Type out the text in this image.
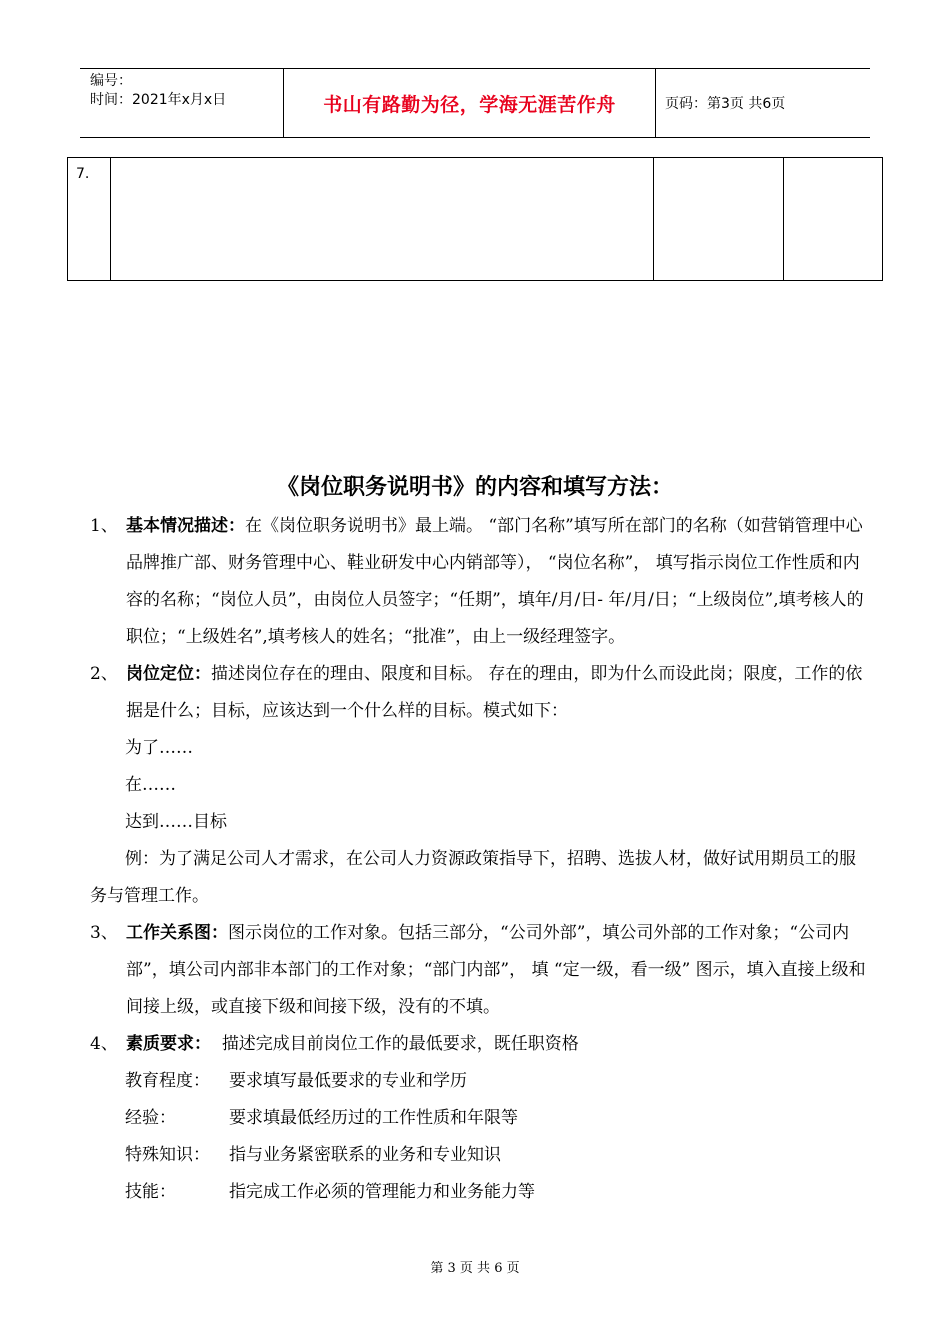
编号：
时间：2021年x月x日	书山有路勤为径，学海无涯苦作舟	页码：第3页 共6页
7.
《岗位职务说明书》的内容和填写方法：
1、 基本情况描述：在《岗位职务说明书》最上端。 “部门名称”填写所在部门的名称（如营销管理中心品牌推广部、财务管理中心、鞋业研发中心内销部等）， “岗位名称”， 填写指示岗位工作性质和内容的名称；“岗位人员”，由岗位人员签字；“任期”，填年/月/日- 年/月/日；“上级岗位”,填考核人的职位；“上级姓名”,填考核人的姓名；“批准”，由上一级经理签字。
2、 岗位定位：描述岗位存在的理由、限度和目标。 存在的理由，即为什么而设此岗；限度，工作的依据是什么；目标，应该达到一个什么样的目标。模式如下：
为了……
在……
达到……目标
例：为了满足公司人才需求，在公司人力资源政策指导下，招聘、选拔人材，做好试用期员工的服务与管理工作。
3、 工作关系图：图示岗位的工作对象。包括三部分，“公司外部”，填公司外部的工作对象；“公司内部”，填公司内部非本部门的工作对象；“部门内部”， 填 “定一级，看一级” 图示，填入直接上级和间接上级，或直接下级和间接下级，没有的不填。
4、 素质要求： 描述完成目前岗位工作的最低要求，既任职资格
教育程度：	要求填写最低要求的专业和学历
经验：	要求填最低经历过的工作性质和年限等
特殊知识：	指与业务紧密联系的业务和专业知识
技能：	指完成工作必须的管理能力和业务能力等
第 3 页 共 6 页
